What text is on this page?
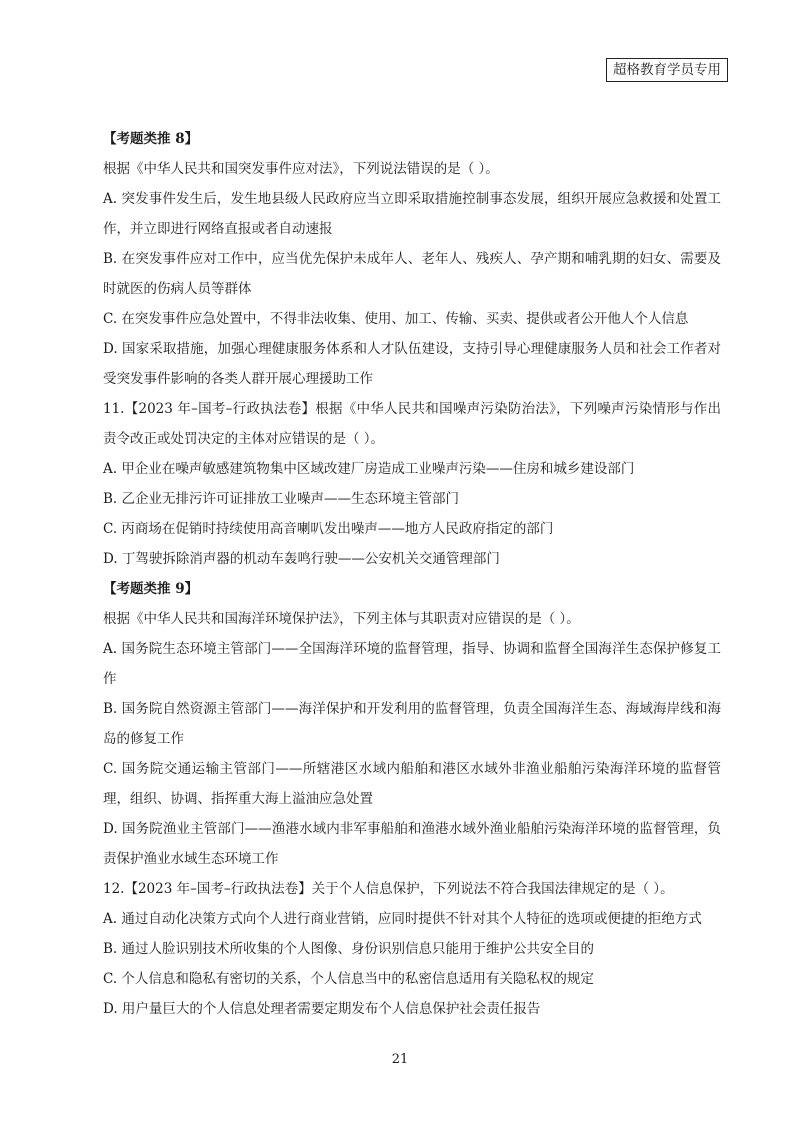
超格教育学员专用

【考题类推 8】

根据《中华人民共和国突发事件应对法》，下列说法错误的是（ ）。

A. 突发事件发生后，发生地县级人民政府应当立即采取措施控制事态发展，组织开展应急救援和处置工作，并立即进行网络直报或者自动速报

B. 在突发事件应对工作中，应当优先保护未成年人、老年人、残疾人、孕产期和哺乳期的妇女、需要及时就医的伤病人员等群体

C. 在突发事件应急处置中，不得非法收集、使用、加工、传输、买卖、提供或者公开他人个人信息

D. 国家采取措施，加强心理健康服务体系和人才队伍建设，支持引导心理健康服务人员和社会工作者对受突发事件影响的各类人群开展心理援助工作

11.【2023 年–国考–行政执法卷】根据《中华人民共和国噪声污染防治法》，下列噪声污染情形与作出责令改正或处罚决定的主体对应错误的是（ ）。

A. 甲企业在噪声敏感建筑物集中区域改建厂房造成工业噪声污染——住房和城乡建设部门

B. 乙企业无排污许可证排放工业噪声——生态环境主管部门

C. 丙商场在促销时持续使用高音喇叭发出噪声——地方人民政府指定的部门

D. 丁驾驶拆除消声器的机动车轰鸣行驶——公安机关交通管理部门

【考题类推 9】

根据《中华人民共和国海洋环境保护法》，下列主体与其职责对应错误的是（ ）。

A. 国务院生态环境主管部门——全国海洋环境的监督管理，指导、协调和监督全国海洋生态保护修复工作

B. 国务院自然资源主管部门——海洋保护和开发利用的监督管理，负责全国海洋生态、海域海岸线和海岛的修复工作

C. 国务院交通运输主管部门——所辖港区水域内船舶和港区水域外非渔业船舶污染海洋环境的监督管理，组织、协调、指挥重大海上溢油应急处置

D. 国务院渔业主管部门——渔港水域内非军事船舶和渔港水域外渔业船舶污染海洋环境的监督管理，负责保护渔业水域生态环境工作

12.【2023 年–国考–行政执法卷】关于个人信息保护，下列说法不符合我国法律规定的是（ ）。

A. 通过自动化决策方式向个人进行商业营销，应同时提供不针对其个人特征的选项或便捷的拒绝方式

B. 通过人脸识别技术所收集的个人图像、身份识别信息只能用于维护公共安全目的

C. 个人信息和隐私有密切的关系，个人信息当中的私密信息适用有关隐私权的规定

D. 用户量巨大的个人信息处理者需要定期发布个人信息保护社会责任报告

21
